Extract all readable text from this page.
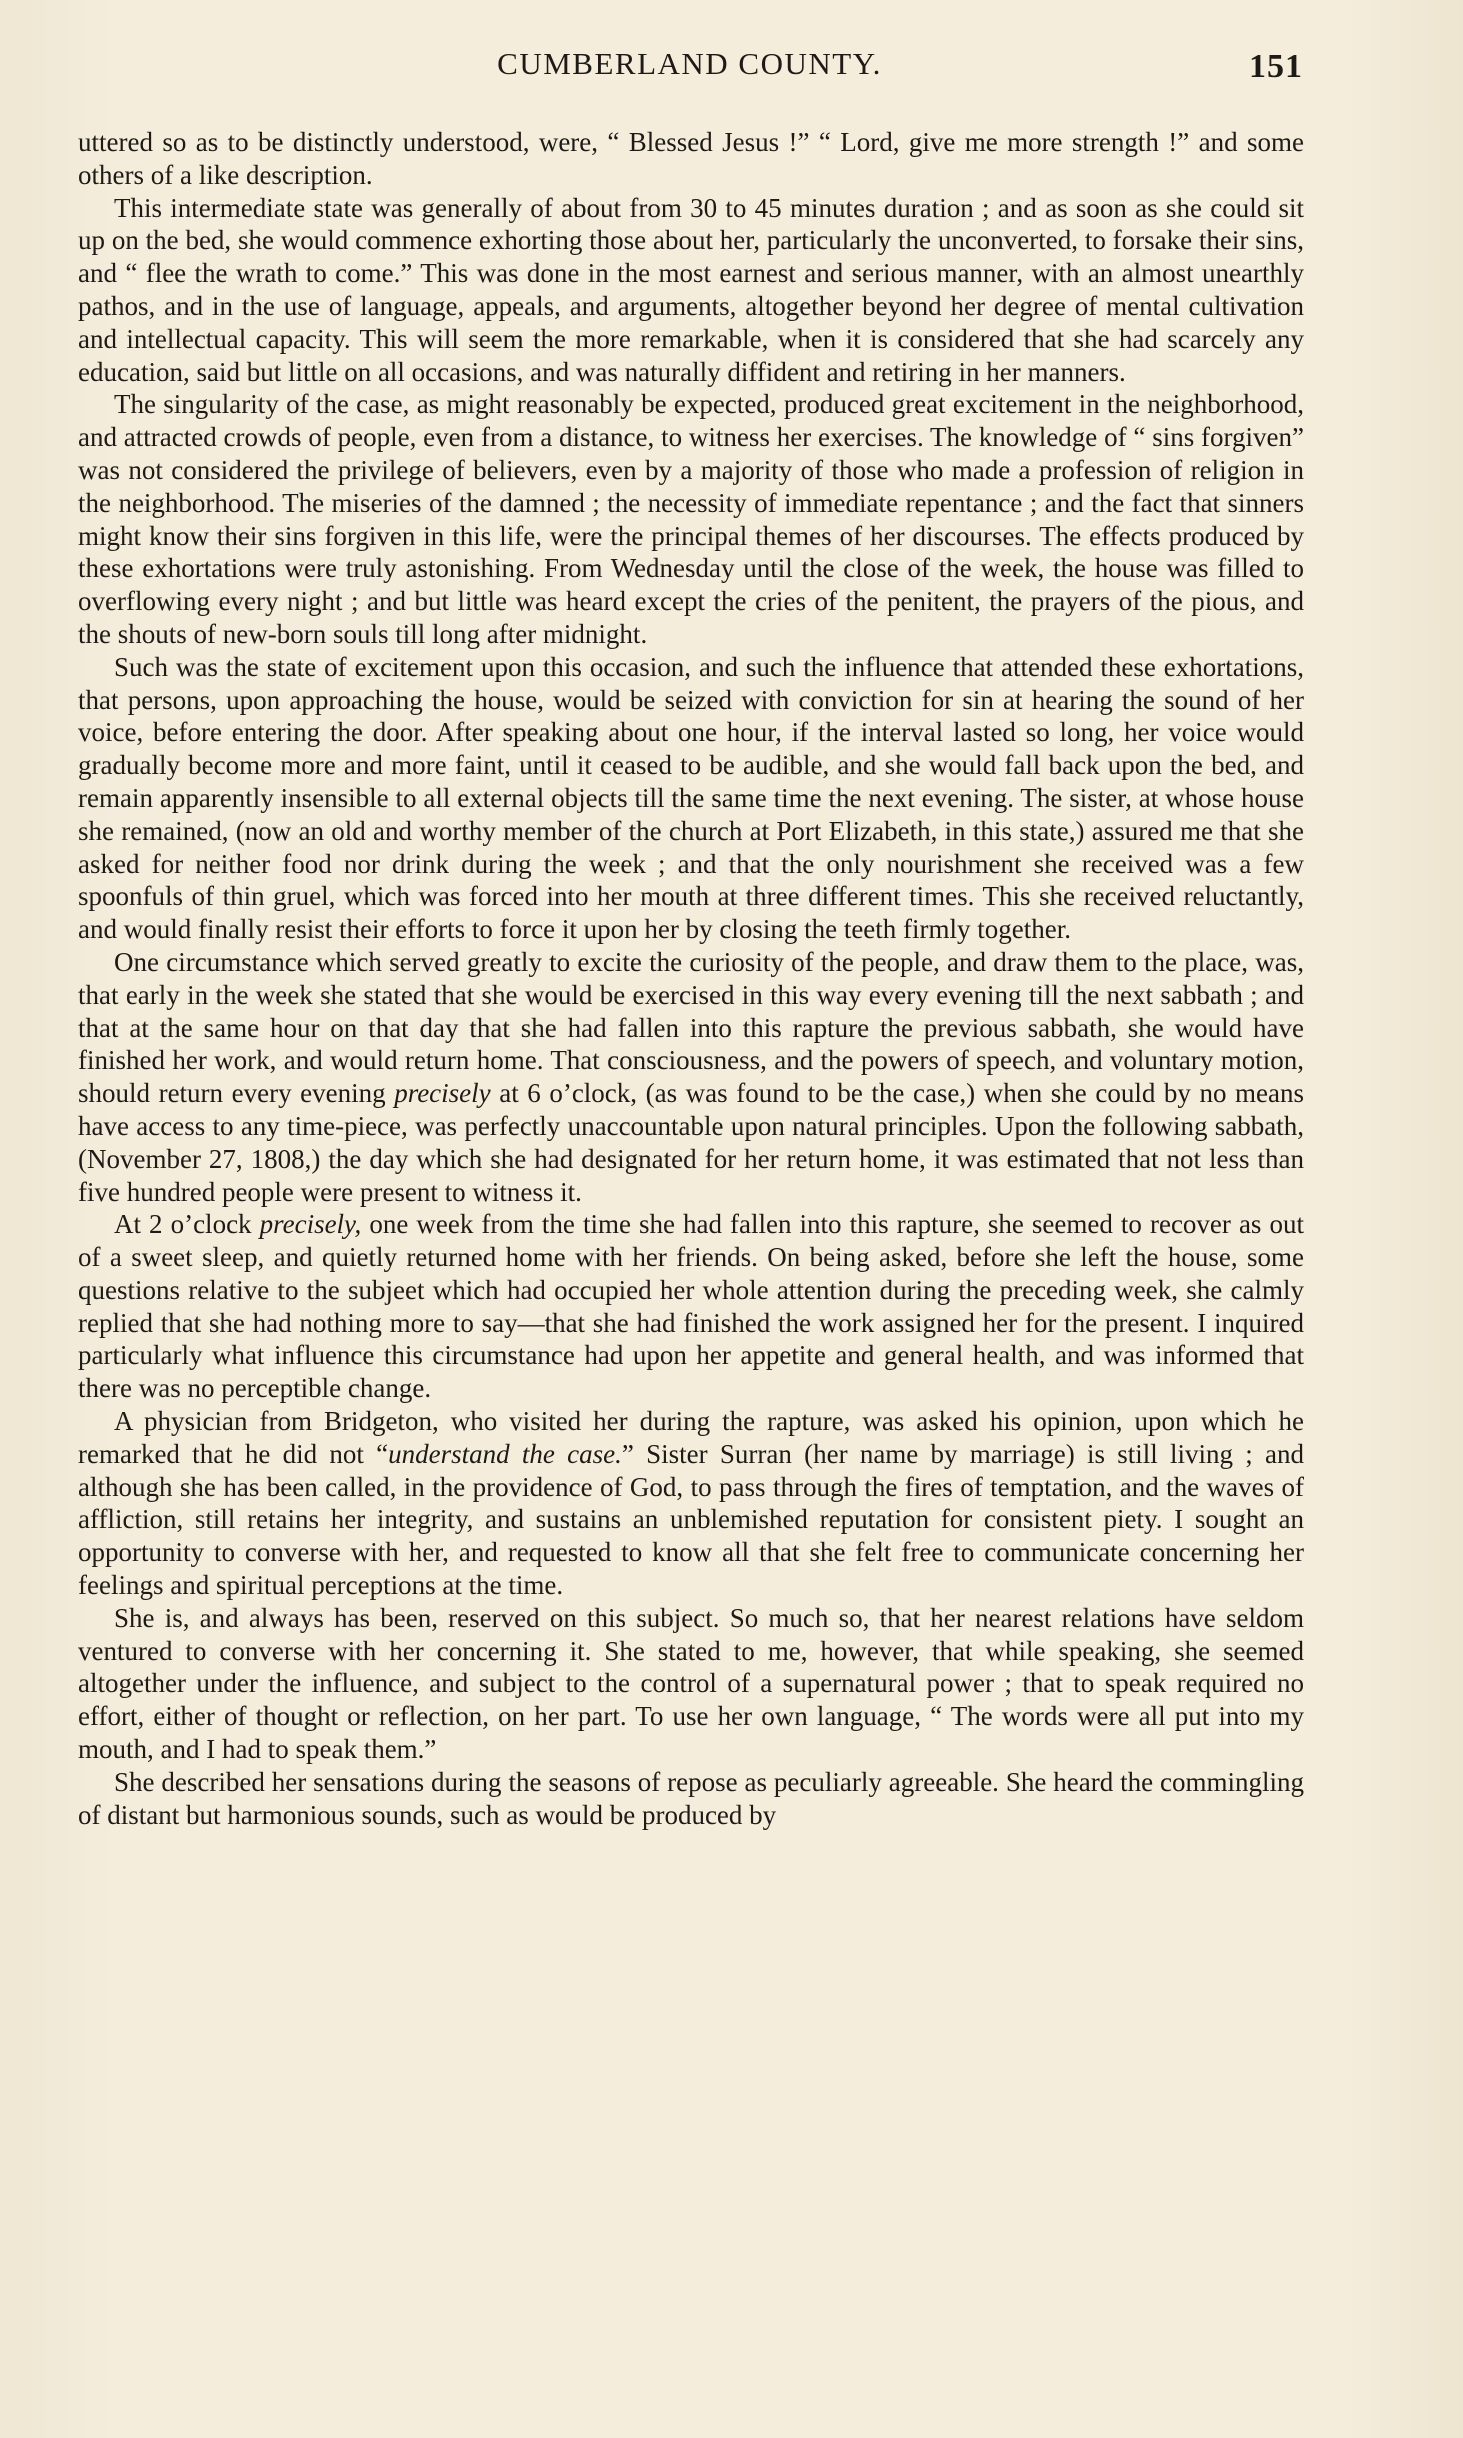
CUMBERLAND COUNTY.	151

uttered so as to be distinctly understood, were, “ Blessed Jesus !” “ Lord, give me more strength !” and some others of a like description.

This intermediate state was generally of about from 30 to 45 minutes duration ; and as soon as she could sit up on the bed, she would commence exhorting those about her, particularly the unconverted, to forsake their sins, and “ flee the wrath to come.” This was done in the most earnest and serious manner, with an almost unearthly pathos, and in the use of language, appeals, and arguments, altogether beyond her degree of mental cultivation and intellectual capacity. This will seem the more remarkable, when it is considered that she had scarcely any education, said but little on all occasions, and was naturally diffident and retiring in her manners.

The singularity of the case, as might reasonably be expected, produced great excitement in the neighborhood, and attracted crowds of people, even from a distance, to witness her exercises. The knowledge of “ sins forgiven” was not considered the privilege of believers, even by a majority of those who made a profession of religion in the neighborhood. The miseries of the damned ; the necessity of immediate repentance ; and the fact that sinners might know their sins forgiven in this life, were the principal themes of her discourses. The effects produced by these exhortations were truly astonishing. From Wednesday until the close of the week, the house was filled to overflowing every night ; and but little was heard except the cries of the penitent, the prayers of the pious, and the shouts of new-born souls till long after midnight.

Such was the state of excitement upon this occasion, and such the influence that attended these exhortations, that persons, upon approaching the house, would be seized with conviction for sin at hearing the sound of her voice, before entering the door. After speaking about one hour, if the interval lasted so long, her voice would gradually become more and more faint, until it ceased to be audible, and she would fall back upon the bed, and remain apparently insensible to all external objects till the same time the next evening. The sister, at whose house she remained, (now an old and worthy member of the church at Port Elizabeth, in this state,) assured me that she asked for neither food nor drink during the week ; and that the only nourishment she received was a few spoonfuls of thin gruel, which was forced into her mouth at three different times. This she received reluctantly, and would finally resist their efforts to force it upon her by closing the teeth firmly together.

One circumstance which served greatly to excite the curiosity of the people, and draw them to the place, was, that early in the week she stated that she would be exercised in this way every evening till the next sabbath ; and that at the same hour on that day that she had fallen into this rapture the previous sabbath, she would have finished her work, and would return home. That consciousness, and the powers of speech, and voluntary motion, should return every evening precisely at 6 o’clock, (as was found to be the case,) when she could by no means have access to any time-piece, was perfectly unaccountable upon natural principles. Upon the following sabbath, (November 27, 1808,) the day which she had designated for her return home, it was estimated that not less than five hundred people were present to witness it.

At 2 o’clock precisely, one week from the time she had fallen into this rapture, she seemed to recover as out of a sweet sleep, and quietly returned home with her friends. On being asked, before she left the house, some questions relative to the subjeet which had occupied her whole attention during the preceding week, she calmly replied that she had nothing more to say—that she had finished the work assigned her for the present. I inquired particularly what influence this circumstance had upon her appetite and general health, and was informed that there was no perceptible change.

A physician from Bridgeton, who visited her during the rapture, was asked his opinion, upon which he remarked that he did not “understand the case.” Sister Surran (her name by marriage) is still living ; and although she has been called, in the providence of God, to pass through the fires of temptation, and the waves of affliction, still retains her integrity, and sustains an unblemished reputation for consistent piety. I sought an opportunity to converse with her, and requested to know all that she felt free to communicate concerning her feelings and spiritual perceptions at the time.

She is, and always has been, reserved on this subject. So much so, that her nearest relations have seldom ventured to converse with her concerning it. She stated to me, however, that while speaking, she seemed altogether under the influence, and subject to the control of a supernatural power ; that to speak required no effort, either of thought or reflection, on her part. To use her own language, “ The words were all put into my mouth, and I had to speak them.”

She described her sensations during the seasons of repose as peculiarly agreeable. She heard the commingling of distant but harmonious sounds, such as would be produced by
